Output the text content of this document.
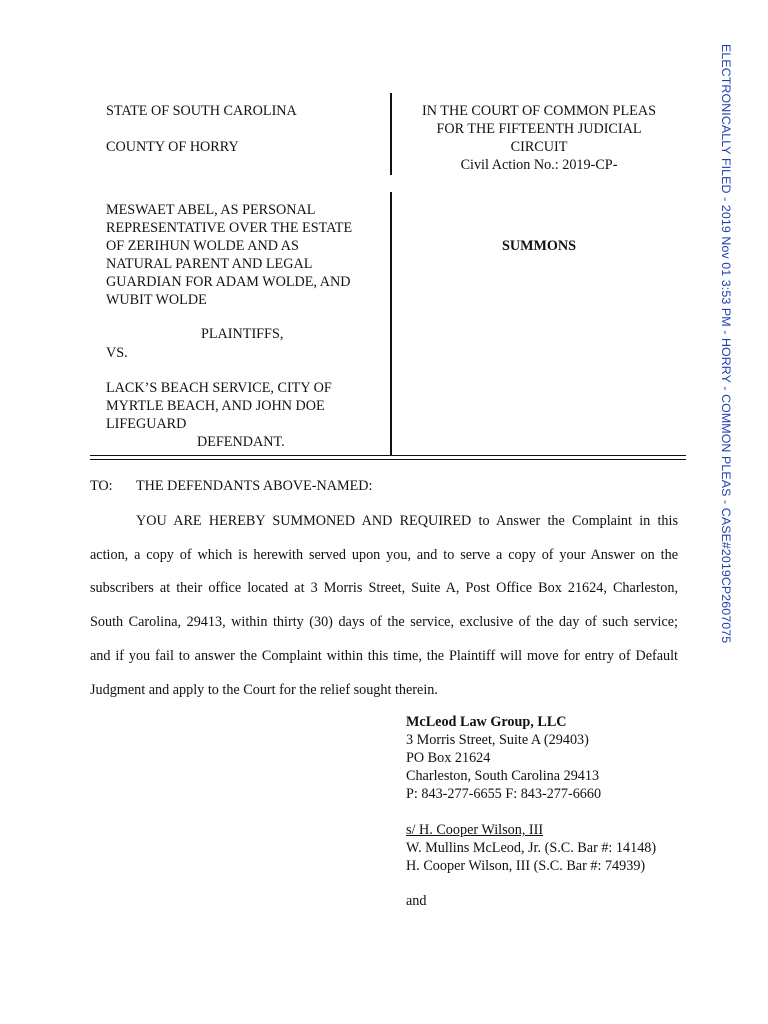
ELECTRONICALLY FILED - 2019 Nov 01 3:53 PM - HORRY - COMMON PLEAS - CASE#2019CP2607075
STATE OF SOUTH CAROLINA
COUNTY OF HORRY
IN THE COURT OF COMMON PLEAS
FOR THE FIFTEENTH JUDICIAL
CIRCUIT
Civil Action No.: 2019-CP-
MESWAET ABEL, AS PERSONAL
REPRESENTATIVE OVER THE ESTATE
OF ZERIHUN WOLDE AND AS
NATURAL PARENT AND LEGAL
GUARDIAN FOR ADAM WOLDE, AND
WUBIT WOLDE
PLAINTIFFS,
VS.
LACK’S BEACH SERVICE, CITY OF
MYRTLE BEACH, AND JOHN DOE
LIFEGUARD
DEFENDANT.
SUMMONS
TO: THE DEFENDANTS ABOVE-NAMED:
YOU ARE HEREBY SUMMONED AND REQUIRED to Answer the Complaint in this
action, a copy of which is herewith served upon you, and to serve a copy of your Answer on the
subscribers at their office located at 3 Morris Street, Suite A, Post Office Box 21624, Charleston,
South Carolina, 29413, within thirty (30) days of the service, exclusive of the day of such service;
and if you fail to answer the Complaint within this time, the Plaintiff will move for entry of Default
Judgment and apply to the Court for the relief sought therein.
McLeod Law Group, LLC
3 Morris Street, Suite A (29403)
PO Box 21624
Charleston, South Carolina 29413
P: 843-277-6655 F: 843-277-6660
s/ H. Cooper Wilson, III
W. Mullins McLeod, Jr. (S.C. Bar #: 14148)
H. Cooper Wilson, III (S.C. Bar #: 74939)
and
